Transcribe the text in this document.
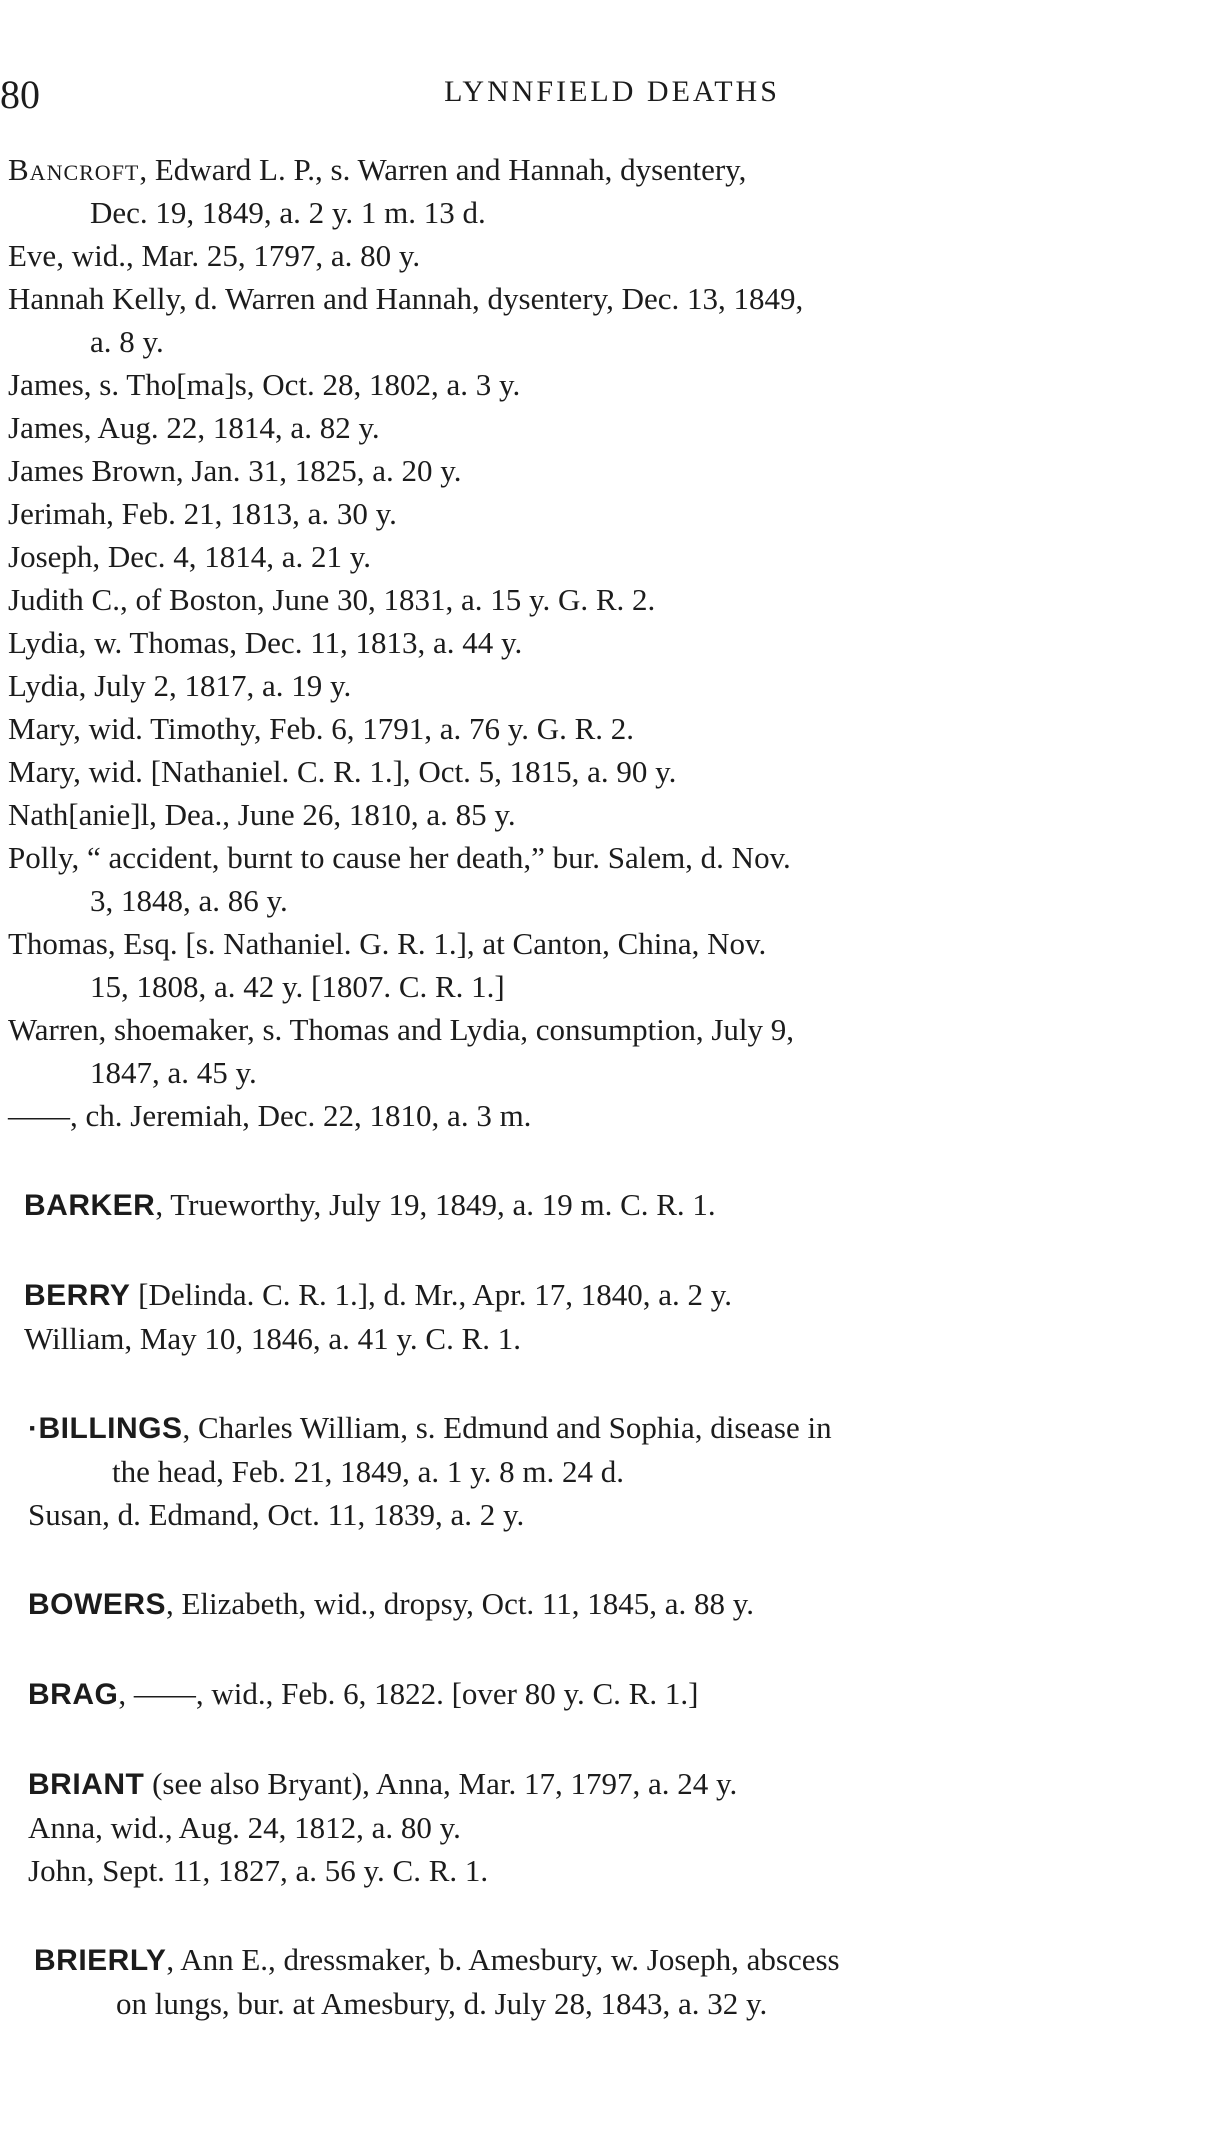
80	LYNNFIELD DEATHS
Bancroft, Edward L. P., s. Warren and Hannah, dysentery,
Dec. 19, 1849, a. 2 y. 1 m. 13 d.
Eve, wid., Mar. 25, 1797, a. 80 y.
Hannah Kelly, d. Warren and Hannah, dysentery, Dec. 13, 1849,
a. 8 y.
James, s. Tho[ma]s, Oct. 28, 1802, a. 3 y.
James, Aug. 22, 1814, a. 82 y.
James Brown, Jan. 31, 1825, a. 20 y.
Jerimah, Feb. 21, 1813, a. 30 y.
Joseph, Dec. 4, 1814, a. 21 y.
Judith C., of Boston, June 30, 1831, a. 15 y. G. R. 2.
Lydia, w. Thomas, Dec. 11, 1813, a. 44 y.
Lydia, July 2, 1817, a. 19 y.
Mary, wid. Timothy, Feb. 6, 1791, a. 76 y. G. R. 2.
Mary, wid. [Nathaniel. C. R. 1.], Oct. 5, 1815, a. 90 y.
Nath[anie]l, Dea., June 26, 1810, a. 85 y.
Polly, “ accident, burnt to cause her death,” bur. Salem, d. Nov.
3, 1848, a. 86 y.
Thomas, Esq. [s. Nathaniel. G. R. 1.], at Canton, China, Nov.
15, 1808, a. 42 y. [1807. C. R. 1.]
Warren, shoemaker, s. Thomas and Lydia, consumption, July 9,
1847, a. 45 y.
——, ch. Jeremiah, Dec. 22, 1810, a. 3 m.
BARKER, Trueworthy, July 19, 1849, a. 19 m. C. R. 1.
BERRY [Delinda. C. R. 1.], d. Mr., Apr. 17, 1840, a. 2 y.
William, May 10, 1846, a. 41 y. C. R. 1.
·BILLINGS, Charles William, s. Edmund and Sophia, disease in
the head, Feb. 21, 1849, a. 1 y. 8 m. 24 d.
Susan, d. Edmand, Oct. 11, 1839, a. 2 y.
BOWERS, Elizabeth, wid., dropsy, Oct. 11, 1845, a. 88 y.
BRAG, ——, wid., Feb. 6, 1822. [over 80 y. C. R. 1.]
BRIANT (see also Bryant), Anna, Mar. 17, 1797, a. 24 y.
Anna, wid., Aug. 24, 1812, a. 80 y.
John, Sept. 11, 1827, a. 56 y. C. R. 1.
BRIERLY, Ann E., dressmaker, b. Amesbury, w. Joseph, abscess
on lungs, bur. at Amesbury, d. July 28, 1843, a. 32 y.
